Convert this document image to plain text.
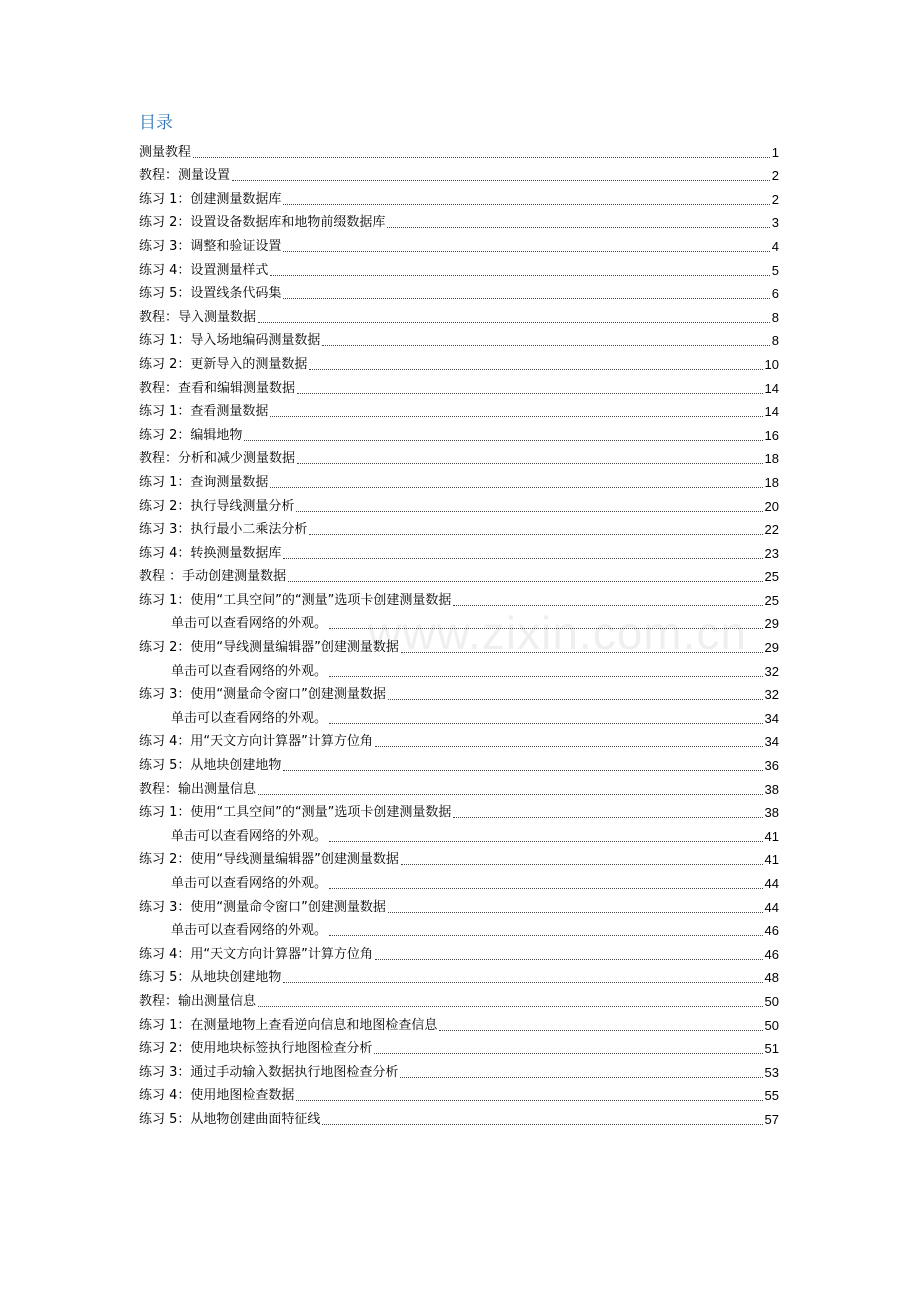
目录
测量教程	1
教程：测量设置	2
练习 1：创建测量数据库	2
练习 2：设置设备数据库和地物前缀数据库	3
练习 3：调整和验证设置	4
练习 4：设置测量样式	5
练习 5：设置线条代码集	6
教程：导入测量数据	8
练习 1：导入场地编码测量数据	8
练习 2：更新导入的测量数据	10
教程：查看和编辑测量数据	14
练习 1：查看测量数据	14
练习 2：编辑地物	16
教程：分析和减少测量数据	18
练习 1：查询测量数据	18
练习 2：执行导线测量分析	20
练习 3：执行最小二乘法分析	22
练习 4：转换测量数据库	23
教程 ：手动创建测量数据	25
练习 1：使用“工具空间”的“测量”选项卡创建测量数据	25
单击可以查看网络的外观。	29
练习 2：使用“导线测量编辑器”创建测量数据	29
单击可以查看网络的外观。	32
练习 3：使用“测量命令窗口”创建测量数据	32
单击可以查看网络的外观。	34
练习 4：用“天文方向计算器”计算方位角	34
练习 5：从地块创建地物	36
教程：输出测量信息	38
练习 1：使用“工具空间”的“测量”选项卡创建测量数据	38
单击可以查看网络的外观。	41
练习 2：使用“导线测量编辑器”创建测量数据	41
单击可以查看网络的外观。	44
练习 3：使用“测量命令窗口”创建测量数据	44
单击可以查看网络的外观。	46
练习 4：用“天文方向计算器”计算方位角	46
练习 5：从地块创建地物	48
教程：输出测量信息	50
练习 1：在测量地物上查看逆向信息和地图检查信息	50
练习 2：使用地块标签执行地图检查分析	51
练习 3：通过手动输入数据执行地图检查分析	53
练习 4：使用地图检查数据	55
练习 5：从地物创建曲面特征线	57
www.zixin.com.cn
